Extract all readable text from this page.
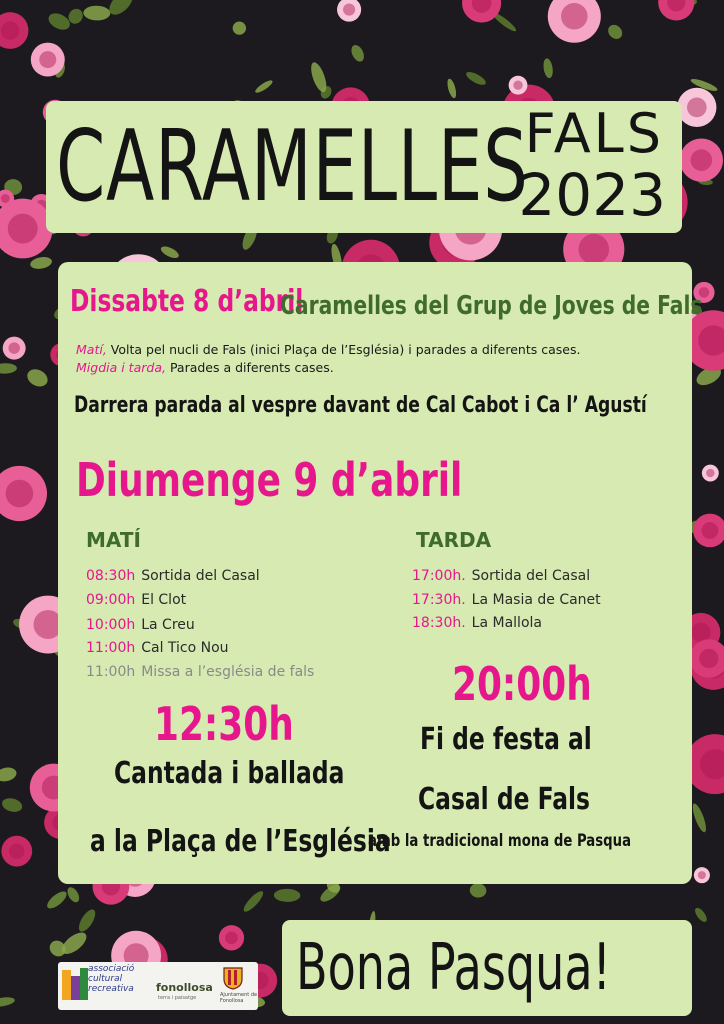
CARAMELLES
FALS
2023
Dissabte 8 d’abril
Caramelles del Grup de Joves de Fals
Matí, Volta pel nucli de Fals (inici Plaça de l’Església) i parades a diferents cases.
Migdia i tarda, Parades a diferents cases.
Darrera parada al vespre davant de Cal Cabot i Ca l’ Agustí
Diumenge 9 d’abril
MATÍ	TARDA
08:30h Sortida del Casal
09:00h El Clot
10:00h La Creu
11:00h Cal Tico Nou
11:00h Missa a l’església de fals
17:00h. Sortida del Casal
17:30h. La Masia de Canet
18:30h. La Mallola
12:30h
Cantada i ballada
a la Plaça de l’Església
20:00h
Fi de festa al
Casal de Fals
amb la tradicional mona de Pasqua
Bona Pasqua!
associació
cultural
recreativa fonollosa
terra i paisatge	Ajuntament de
Fonollosa
